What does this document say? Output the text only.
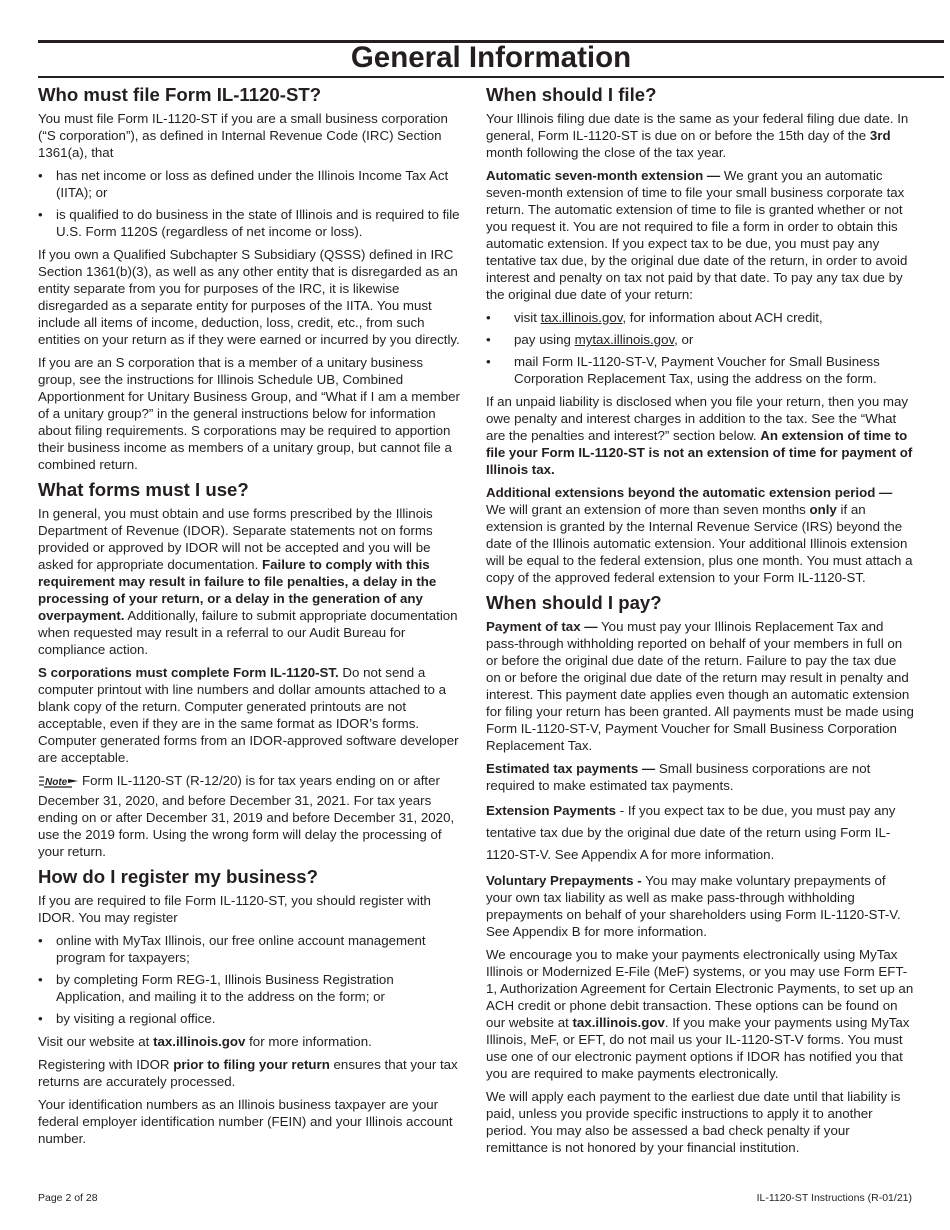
General Information
Who must file Form IL-1120-ST?

You must file Form IL-1120-ST if you are a small business corporation (“S corporation”), as defined in Internal Revenue Code (IRC) Section 1361(a), that

• has net income or loss as defined under the Illinois Income Tax Act (IITA); or
• is qualified to do business in the state of Illinois and is required to file U.S. Form 1120S (regardless of net income or loss).

If you own a Qualified Subchapter S Subsidiary (QSSS) defined in IRC Section 1361(b)(3), as well as any other entity that is disregarded as an entity separate from you for purposes of the IRC, it is likewise disregarded as a separate entity for purposes of the IITA. You must include all items of income, deduction, loss, credit, etc., from such entities on your return as if they were earned or incurred by you directly.

If you are an S corporation that is a member of a unitary business group, see the instructions for Illinois Schedule UB, Combined Apportionment for Unitary Business Group, and “What if I am a member of a unitary group?” in the general instructions below for information about filing requirements. S corporations may be required to apportion their business income as members of a unitary group, but cannot file a combined return.

What forms must I use?

In general, you must obtain and use forms prescribed by the Illinois Department of Revenue (IDOR). Separate statements not on forms provided or approved by IDOR will not be accepted and you will be asked for appropriate documentation. Failure to comply with this requirement may result in failure to file penalties, a delay in the processing of your return, or a delay in the generation of any overpayment. Additionally, failure to submit appropriate documentation when requested may result in a referral to our Audit Bureau for compliance action.

S corporations must complete Form IL-1120-ST. Do not send a computer printout with line numbers and dollar amounts attached to a blank copy of the return. Computer generated printouts are not acceptable, even if they are in the same format as IDOR’s forms. Computer generated forms from an IDOR-approved software developer are acceptable.

Note Form IL-1120-ST (R-12/20) is for tax years ending on or after December 31, 2020, and before December 31, 2021. For tax years ending on or after December 31, 2019 and before December 31, 2020, use the 2019 form. Using the wrong form will delay the processing of your return.

How do I register my business?

If you are required to file Form IL-1120-ST, you should register with IDOR. You may register

• online with MyTax Illinois, our free online account management program for taxpayers;
• by completing Form REG-1, Illinois Business Registration Application, and mailing it to the address on the form; or
• by visiting a regional office.

Visit our website at tax.illinois.gov for more information.

Registering with IDOR prior to filing your return ensures that your tax returns are accurately processed.

Your identification numbers as an Illinois business taxpayer are your federal employer identification number (FEIN) and your Illinois account number.

When should I file?

Your Illinois filing due date is the same as your federal filing due date. In general, Form IL-1120-ST is due on or before the 15th day of the 3rd month following the close of the tax year.

Automatic seven-month extension — We grant you an automatic seven-month extension of time to file your small business corporate tax return. The automatic extension of time to file is granted whether or not you request it. You are not required to file a form in order to obtain this automatic extension. If you expect tax to be due, you must pay any tentative tax due, by the original due date of the return, in order to avoid interest and penalty on tax not paid by that date. To pay any tax due by the original due date of your return:

• visit tax.illinois.gov, for information about ACH credit,
• pay using mytax.illinois.gov, or
• mail Form IL-1120-ST-V, Payment Voucher for Small Business Corporation Replacement Tax, using the address on the form.

If an unpaid liability is disclosed when you file your return, then you may owe penalty and interest charges in addition to the tax. See the “What are the penalties and interest?” section below. An extension of time to file your Form IL-1120-ST is not an extension of time for payment of Illinois tax.

Additional extensions beyond the automatic extension period — We will grant an extension of more than seven months only if an extension is granted by the Internal Revenue Service (IRS) beyond the date of the Illinois automatic extension. Your additional Illinois extension will be equal to the federal extension, plus one month. You must attach a copy of the approved federal extension to your Form IL-1120-ST.

When should I pay?

Payment of tax — You must pay your Illinois Replacement Tax and pass-through withholding reported on behalf of your members in full on or before the original due date of the return. Failure to pay the tax due on or before the original due date of the return may result in penalty and interest. This payment date applies even though an automatic extension for filing your return has been granted. All payments must be made using Form IL-1120-ST-V, Payment Voucher for Small Business Corporation Replacement Tax.

Estimated tax payments — Small business corporations are not required to make estimated tax payments.

Extension Payments - If you expect tax to be due, you must pay any tentative tax due by the original due date of the return using Form IL-1120-ST-V. See Appendix A for more information.

Voluntary Prepayments - You may make voluntary prepayments of your own tax liability as well as make pass-through withholding prepayments on behalf of your shareholders using Form IL-1120-ST-V. See Appendix B for more information.

We encourage you to make your payments electronically using MyTax Illinois or Modernized E-File (MeF) systems, or you may use Form EFT-1, Authorization Agreement for Certain Electronic Payments, to set up an ACH credit or phone debit transaction. These options can be found on our website at tax.illinois.gov. If you make your payments using MyTax Illinois, MeF, or EFT, do not mail us your IL-1120-ST-V forms. You must use one of our electronic payment options if IDOR has notified you that you are required to make payments electronically.

We will apply each payment to the earliest due date until that liability is paid, unless you provide specific instructions to apply it to another period. You may also be assessed a bad check penalty if your remittance is not honored by your financial institution.

Page 2 of 28	IL-1120-ST Instructions (R-01/21)
